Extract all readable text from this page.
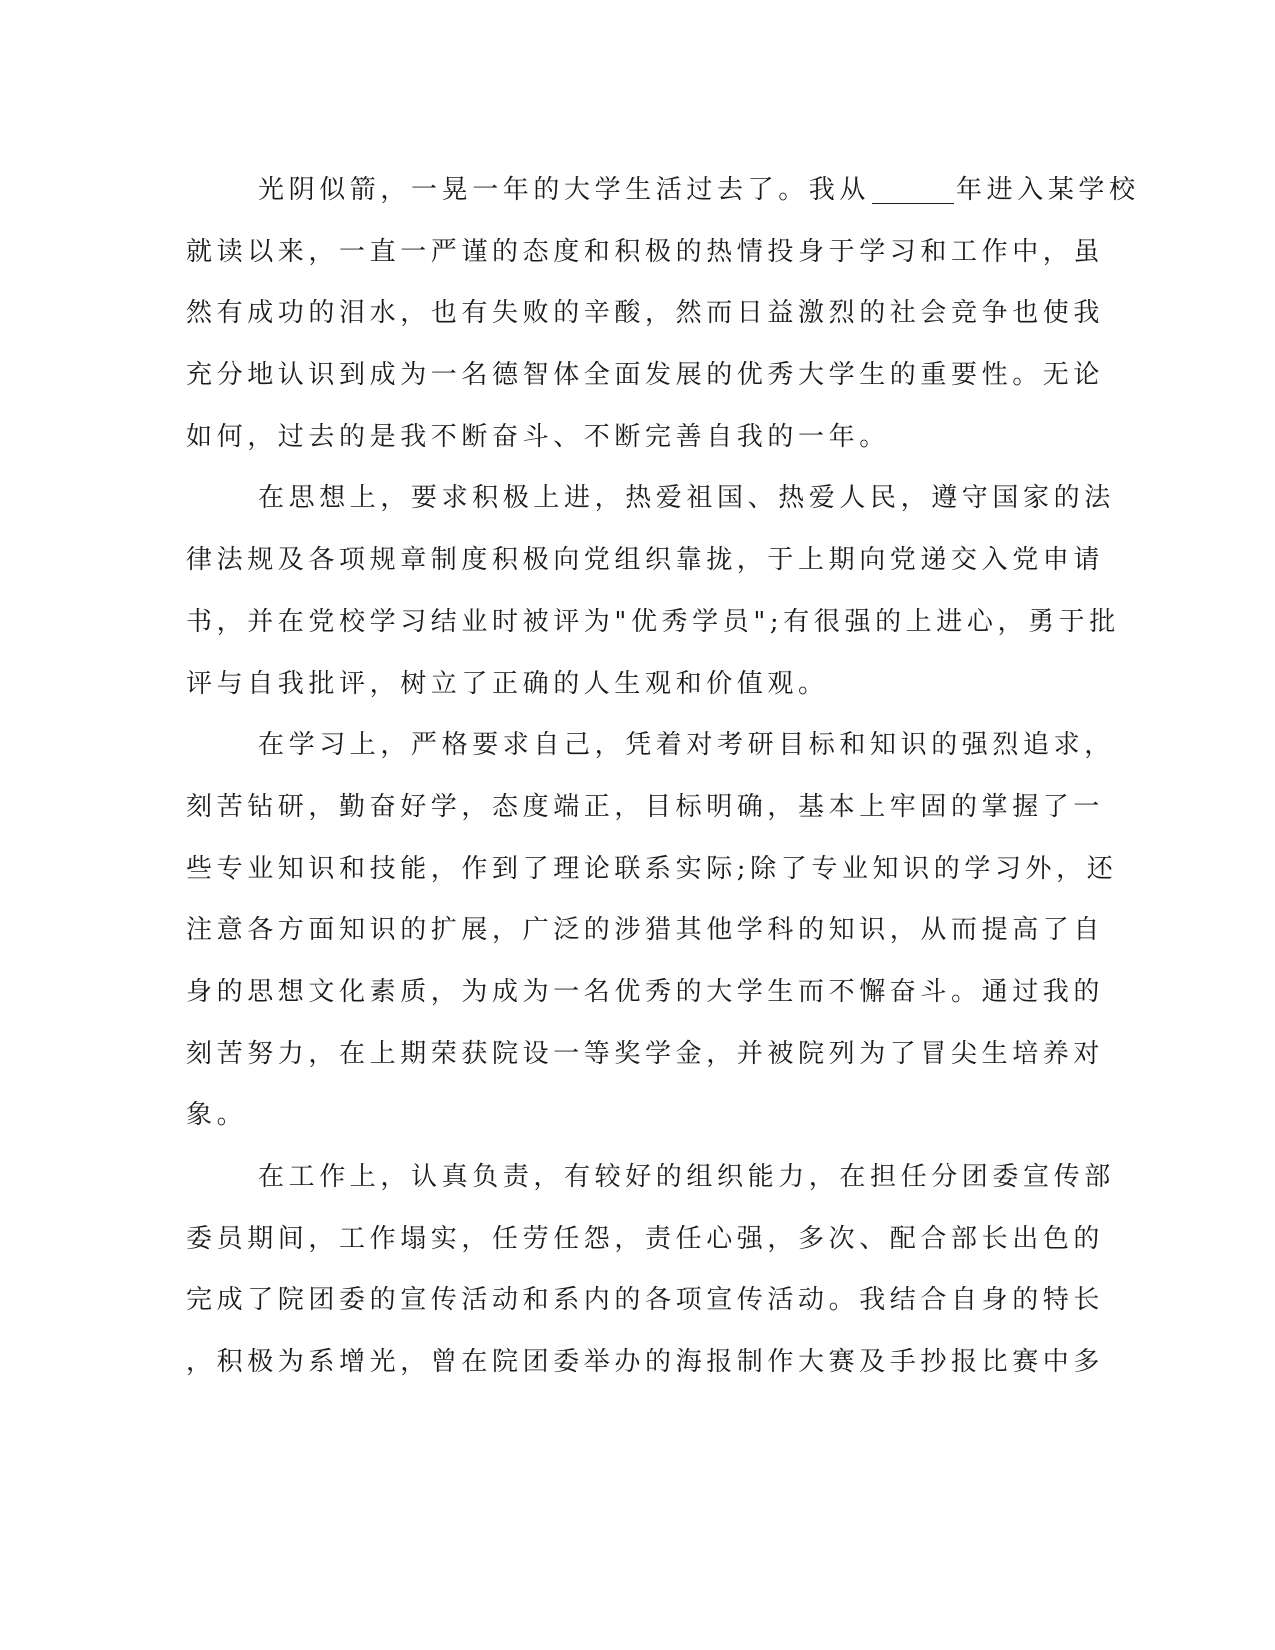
光阴似箭，一晃一年的大学生活过去了。我从	年进入某学校
就读以来，一直一严谨的态度和积极的热情投身于学习和工作中，虽
然有成功的泪水，也有失败的辛酸，然而日益激烈的社会竞争也使我
充分地认识到成为一名德智体全面发展的优秀大学生的重要性。无论
如何，过去的是我不断奋斗、不断完善自我的一年。
在思想上，要求积极上进，热爱祖国、热爱人民，遵守国家的法
律法规及各项规章制度积极向党组织靠拢，于上期向党递交入党申请
书，并在党校学习结业时被评为"优秀学员";有很强的上进心，勇于批
评与自我批评，树立了正确的人生观和价值观。
在学习上，严格要求自己，凭着对考研目标和知识的强烈追求，
刻苦钻研，勤奋好学，态度端正，目标明确，基本上牢固的掌握了一
些专业知识和技能，作到了理论联系实际;除了专业知识的学习外，还
注意各方面知识的扩展，广泛的涉猎其他学科的知识，从而提高了自
身的思想文化素质，为成为一名优秀的大学生而不懈奋斗。通过我的
刻苦努力，在上期荣获院设一等奖学金，并被院列为了冒尖生培养对
象。
在工作上，认真负责，有较好的组织能力，在担任分团委宣传部
委员期间，工作塌实，任劳任怨，责任心强，多次、配合部长出色的
完成了院团委的宣传活动和系内的各项宣传活动。我结合自身的特长
，积极为系增光，曾在院团委举办的海报制作大赛及手抄报比赛中多
